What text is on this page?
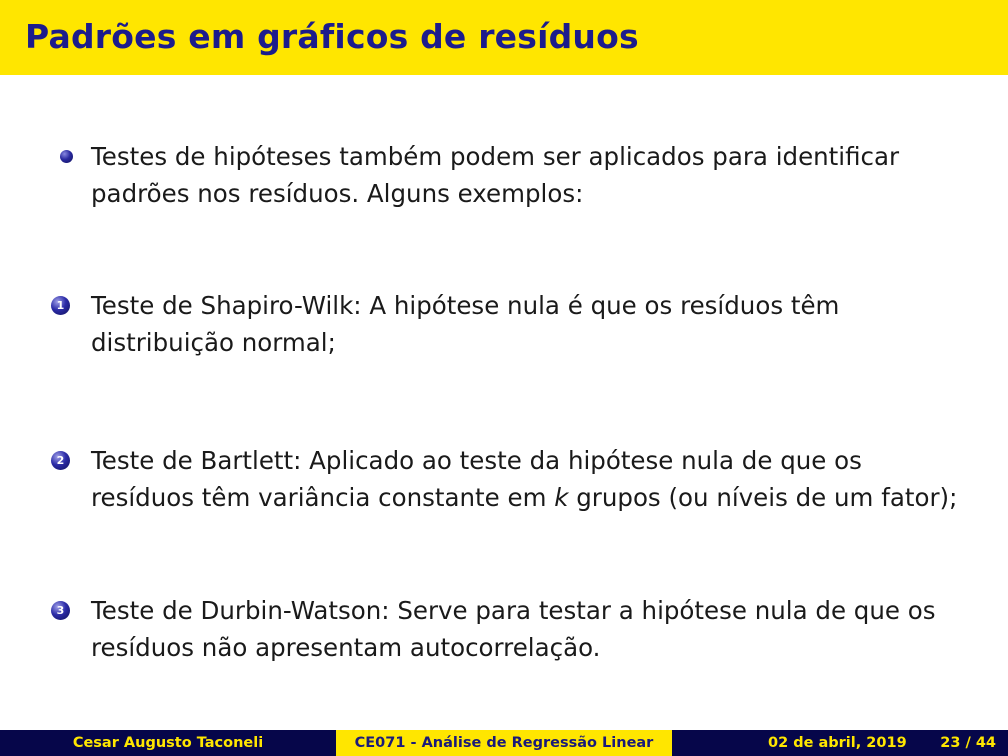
Padrões em gráficos de resíduos

Testes de hipóteses também podem ser aplicados para identificar
padrões nos resíduos. Alguns exemplos:

1 Teste de Shapiro-Wilk: A hipótese nula é que os resíduos têm
distribuição normal;

2 Teste de Bartlett: Aplicado ao teste da hipótese nula de que os
resíduos têm variância constante em k grupos (ou níveis de um fator);

3 Teste de Durbin-Watson: Serve para testar a hipótese nula de que os
resíduos não apresentam autocorrelação.

Cesar Augusto Taconeli	CE071 - Análise de Regressão Linear	02 de abril, 2019 23 / 44
